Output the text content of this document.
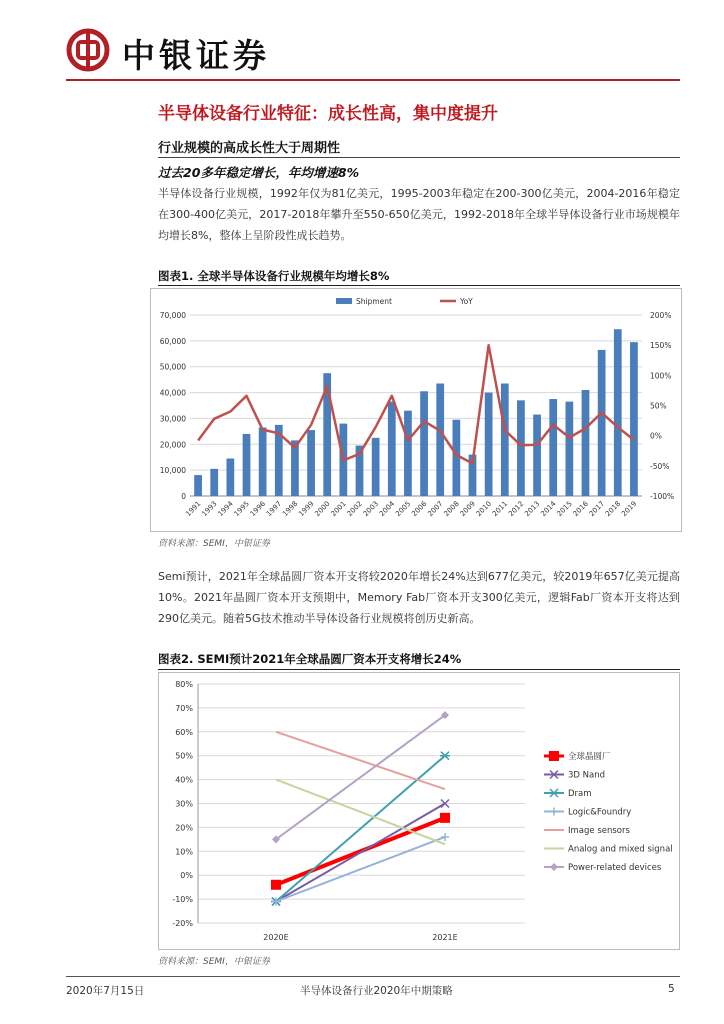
中银证券
半导体设备行业特征：成长性高，集中度提升
行业规模的高成长性大于周期性
过去20多年稳定增长，年均增速8%
半导体设备行业规模，1992年仅为81亿美元，1995-2003年稳定在200-300亿美元，2004-2016年稳定在300-400亿美元，2017-2018年攀升至550-650亿美元，1992-2018年全球半导体设备行业市场规模年均增长8%，整体上呈阶段性成长趋势。
图表1. 全球半导体设备行业规模年均增长8%
0
10,000
20,000
30,000
40,000
50,000
60,000
70,000
-100%
-50%
0%
50%
100%
150%
200%
1991
1993
1994
1995
1996
1997
1998
1999
2000
2001
2002
2003
2004
2005
2006
2007
2008
2009
2010
2011
2012
2013
2014
2015
2016
2017
2018
2019
Shipment	YoY
资料来源：SEMI，中银证券
Semi预计，2021年全球晶圆厂资本开支将较2020年增长24%达到677亿美元，较2019年657亿美元提高10%。2021年晶圆厂资本开支预期中，Memory Fab厂资本开支300亿美元，逻辑Fab厂资本开支将达到290亿美元。随着5G技术推动半导体设备行业规模将创历史新高。
图表2. SEMI预计2021年全球晶圆厂资本开支将增长24%
-20%
-10%
0%
10%
20%
30%
40%
50%
60%
70%
80%
2020E	2021E
全球晶圆厂
3D Nand
Dram
Logic&Foundry
Image sensors
Analog and mixed signal
Power-related devices
资料来源：SEMI，中银证券
2020年7月15日	半导体设备行业2020年中期策略	5
